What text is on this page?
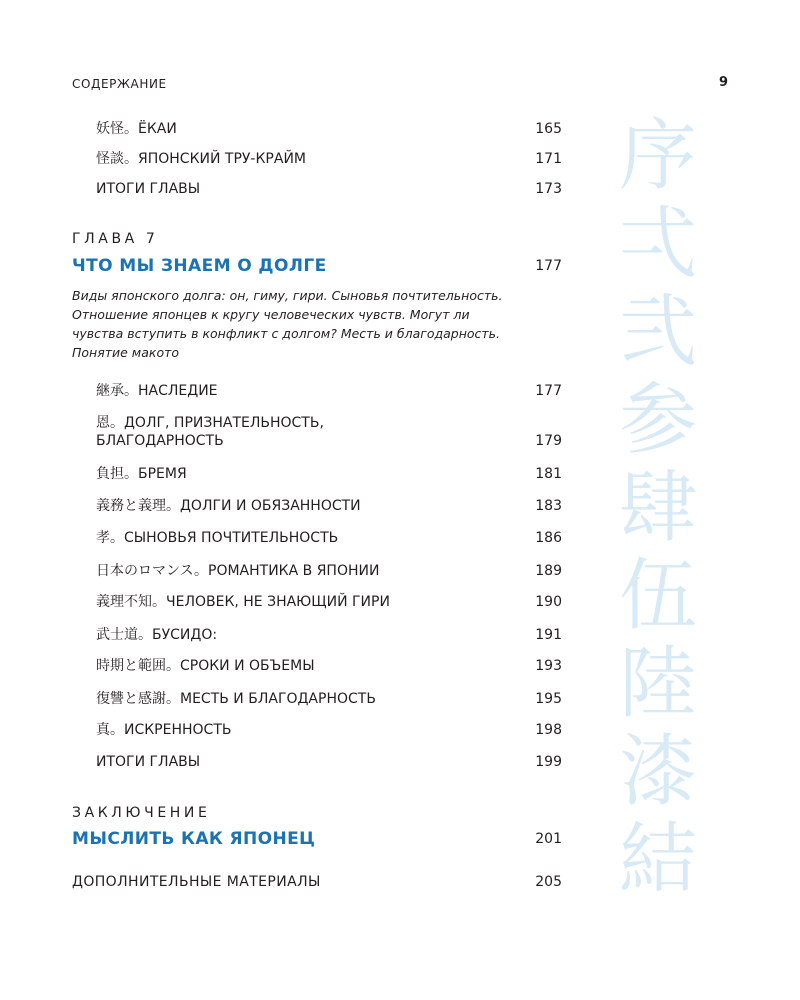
СОДЕРЖАНИЕ	9
妖怪。ЁКАИ	165
怪談。ЯПОНСКИЙ ТРУ-КРАЙМ	171
ИТОГИ ГЛАВЫ	173
ГЛАВА 7
ЧТО МЫ ЗНАЕМ О ДОЛГЕ	177
Виды японского долга: он, гиму, гири. Сыновья почтительность. Отношение японцев к кругу человеческих чувств. Могут ли чувства вступить в конфликт с долгом? Месть и благодарность. Понятие макото
継承。НАСЛЕДИЕ	177
恩。ДОЛГ, ПРИЗНАТЕЛЬНОСТЬ, БЛАГОДАРНОСТЬ	179
負担。БРЕМЯ	181
義務と義理。ДОЛГИ И ОБЯЗАННОСТИ	183
孝。СЫНОВЬЯ ПОЧТИТЕЛЬНОСТЬ	186
日本のロマンス。РОМАНТИКА В ЯПОНИИ	189
義理不知。ЧЕЛОВЕК, НЕ ЗНАЮЩИЙ ГИРИ	190
武士道。БУСИДО:	191
時期と範囲。СРОКИ И ОБЪЕМЫ	193
復讐と感謝。МЕСТЬ И БЛАГОДАРНОСТЬ	195
真。ИСКРЕННОСТЬ	198
ИТОГИ ГЛАВЫ	199
ЗАКЛЮЧЕНИЕ
МЫСЛИТЬ КАК ЯПОНЕЦ	201
ДОПОЛНИТЕЛЬНЫЕ МАТЕРИАЛЫ	205
序
弌
弐
参
肆
伍
陸
漆
結
